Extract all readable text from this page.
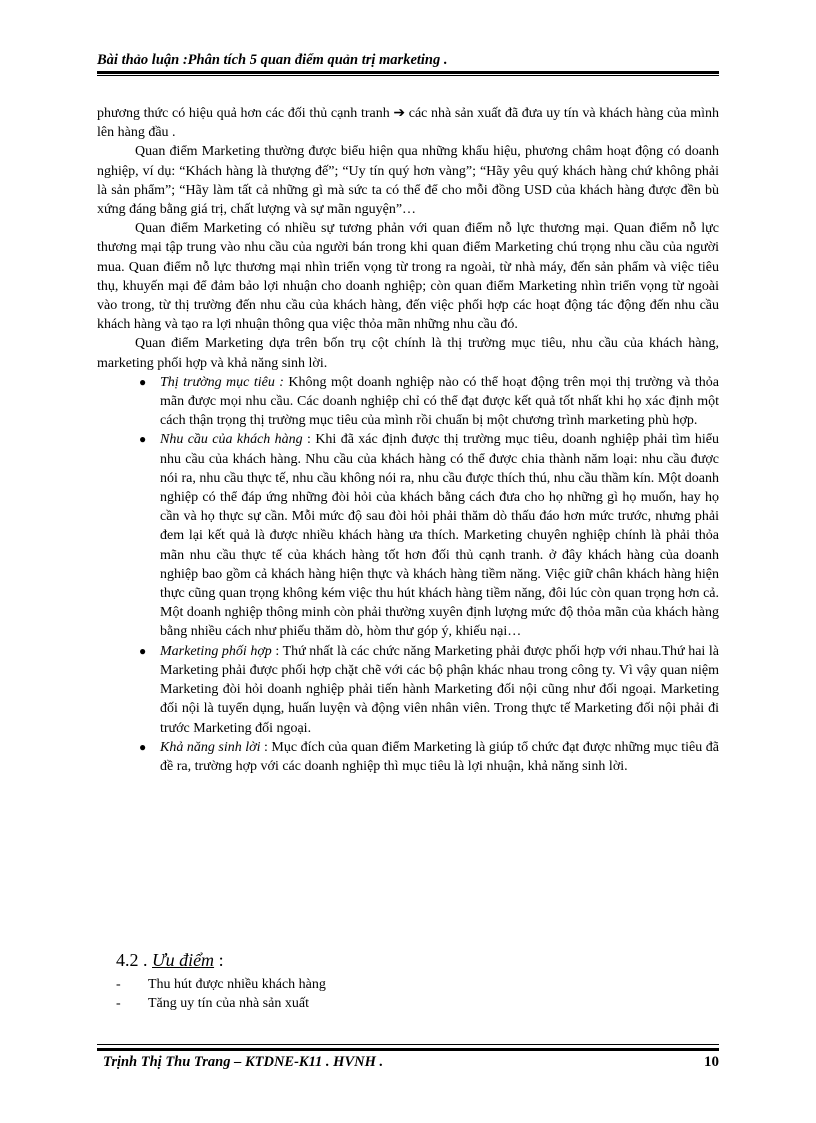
Bài thảo luận :Phân tích 5 quan điểm quản trị marketing .

phương thức có hiệu quả hơn các đối thủ cạnh tranh ➔ các nhà sản xuất đã đưa uy tín và khách hàng của mình lên hàng đầu .

Quan điểm Marketing thường được biểu hiện qua những khẩu hiệu, phương châm hoạt động có doanh nghiệp, ví dụ: “Khách hàng là thượng đế”; “Uy tín quý hơn vàng”; “Hãy yêu quý khách hàng chứ không phải là sản phẩm”; “Hãy làm tất cả những gì mà sức ta có thể để cho mỗi đồng USD của khách hàng được đền bù xứng đáng bằng giá trị, chất lượng và sự mãn nguyện”…

Quan điểm Marketing có nhiều sự tương phản với quan điểm nỗ lực thương mại. Quan điểm nỗ lực thương mại tập trung vào nhu cầu của người bán trong khi quan điểm Marketing chú trọng nhu cầu của người mua. Quan điểm nỗ lực thương mại nhìn triển vọng từ trong ra ngoài, từ nhà máy, đến sản phẩm và việc tiêu thụ, khuyến mại để đảm bảo lợi nhuận cho doanh nghiệp; còn quan điểm Marketing nhìn triển vọng từ ngoài vào trong, từ thị trường đến nhu cầu của khách hàng, đến việc phối hợp các hoạt động tác động đến nhu cầu khách hàng và tạo ra lợi nhuận thông qua việc thỏa mãn những nhu cầu đó.

Quan điểm Marketing dựa trên bốn trụ cột chính là thị trường mục tiêu, nhu cầu của khách hàng, marketing phối hợp và khả năng sinh lời.

● Thị trường mục tiêu : Không một doanh nghiệp nào có thể hoạt động trên mọi thị trường và thỏa mãn được mọi nhu cầu. Các doanh nghiệp chỉ có thể đạt được kết quả tốt nhất khi họ xác định một cách thận trọng thị trường mục tiêu của mình rồi chuẩn bị một chương trình marketing phù hợp.
● Nhu cầu của khách hàng : Khi đã xác định được thị trường mục tiêu, doanh nghiệp phải tìm hiểu nhu cầu của khách hàng. Nhu cầu của khách hàng có thể được chia thành năm loại: nhu cầu được nói ra, nhu cầu thực tế, nhu cầu không nói ra, nhu cầu được thích thú, nhu cầu thầm kín. Một doanh nghiệp có thể đáp ứng những đòi hỏi của khách bằng cách đưa cho họ những gì họ muốn, hay họ cần và họ thực sự cần. Mỗi mức độ sau đòi hỏi phải thăm dò thấu đáo hơn mức trước, nhưng phải đem lại kết quả là được nhiều khách hàng ưa thích. Marketing chuyên nghiệp chính là phải thỏa mãn nhu cầu thực tế của khách hàng tốt hơn đối thủ cạnh tranh. ở đây khách hàng của doanh nghiệp bao gồm cả khách hàng hiện thực và khách hàng tiềm năng. Việc giữ chân khách hàng hiện thực cũng quan trọng không kém việc thu hút khách hàng tiềm năng, đôi lúc còn quan trọng hơn cả. Một doanh nghiệp thông minh còn phải thường xuyên định lượng mức độ thỏa mãn của khách hàng bằng nhiều cách như phiếu thăm dò, hòm thư góp ý, khiếu nại…
● Marketing phối hợp : Thứ nhất là các chức năng Marketing phải được phối hợp với nhau.Thứ hai là Marketing phải được phối hợp chặt chẽ với các bộ phận khác nhau trong công ty. Vì vậy quan niệm Marketing đòi hỏi doanh nghiệp phải tiến hành Marketing đối nội cũng như đối ngoại. Marketing đối nội là tuyển dụng, huấn luyện và động viên nhân viên. Trong thực tế Marketing đối nội phải đi trước Marketing đối ngoại.
● Khả năng sinh lời : Mục đích của quan điểm Marketing là giúp tổ chức đạt được những mục tiêu đã đề ra, trường hợp với các doanh nghiệp thì mục tiêu là lợi nhuận, khả năng sinh lời.
4.2 . Ưu điểm :
- Thu hút được nhiều khách hàng
- Tăng uy tín của nhà sản xuất
Trịnh Thị Thu Trang – KTDNE-K11 . HVNH .	10
